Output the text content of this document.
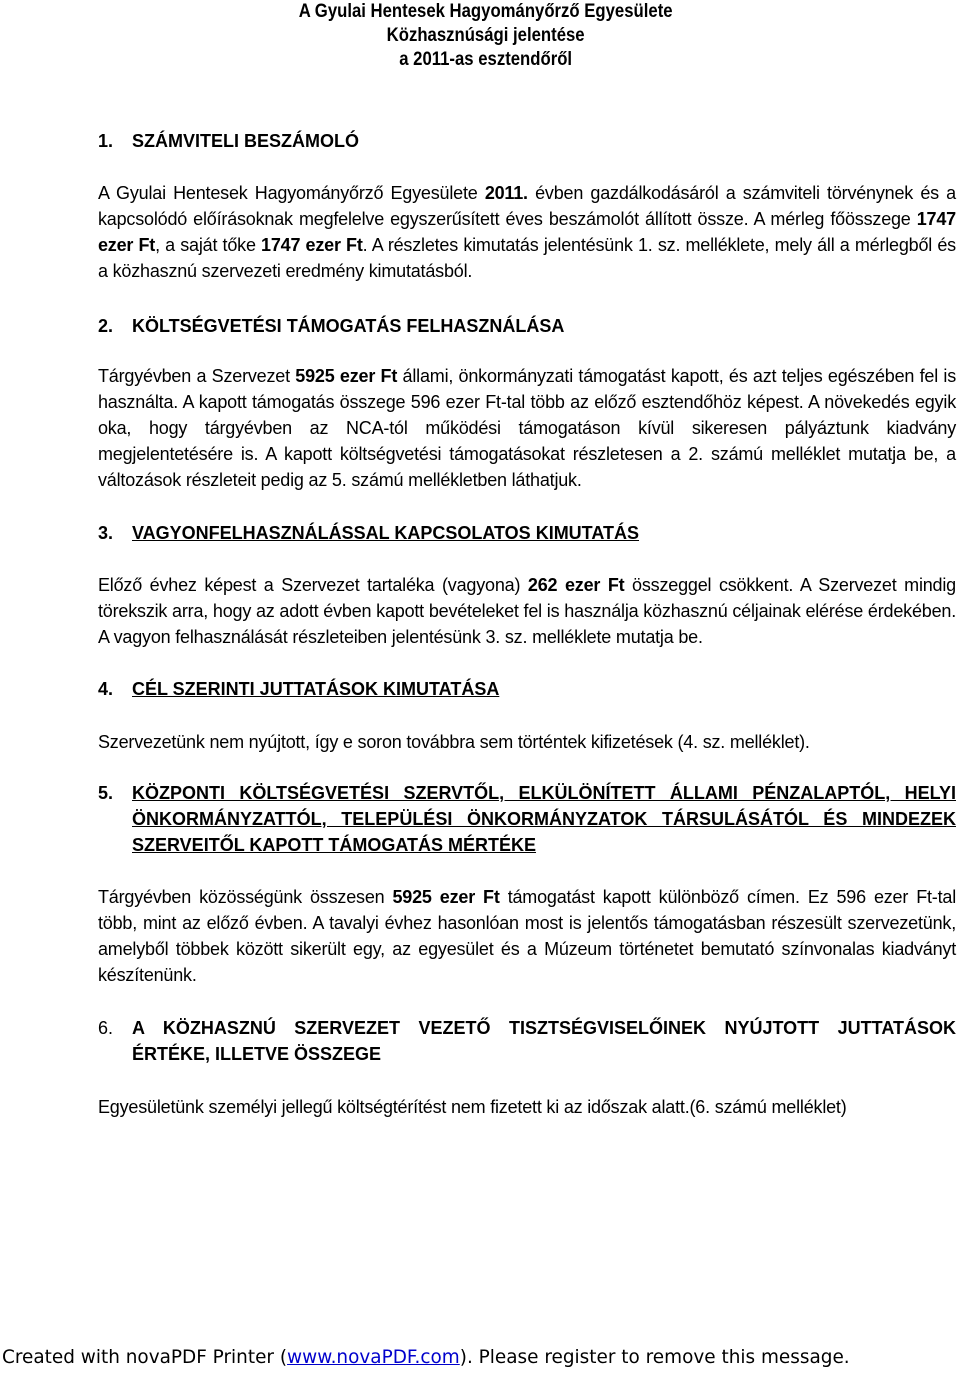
A Gyulai Hentesek Hagyományőrző Egyesülete
Közhasznúsági jelentése
a 2011-as esztendőről
1. SZÁMVITELI BESZÁMOLÓ
A Gyulai Hentesek Hagyományőrző Egyesülete 2011. évben gazdálkodásáról a számviteli törvénynek és a kapcsolódó előírásoknak megfelelve egyszerűsített éves beszámolót állított össze. A mérleg főösszege 1747 ezer Ft, a saját tőke 1747 ezer Ft. A részletes kimutatás jelentésünk 1. sz. melléklete, mely áll a mérlegből és a közhasznú szervezeti eredmény kimutatásból.
2. KÖLTSÉGVETÉSI TÁMOGATÁS FELHASZNÁLÁSA
Tárgyévben a Szervezet 5925 ezer Ft állami, önkormányzati támogatást kapott, és azt teljes egészében fel is használta. A kapott támogatás összege 596 ezer Ft-tal több az előző esztendőhöz képest. A növekedés egyik oka, hogy tárgyévben az NCA-tól működési támogatáson kívül sikeresen pályáztunk kiadvány megjelentetésére is. A kapott költségvetési támogatásokat részletesen a 2. számú melléklet mutatja be, a változások részleteit pedig az 5. számú mellékletben láthatjuk.
3. VAGYONFELHASZNÁLÁSSAL KAPCSOLATOS KIMUTATÁS
Előző évhez képest a Szervezet tartaléka (vagyona) 262 ezer Ft összeggel csökkent. A Szervezet mindig törekszik arra, hogy az adott évben kapott bevételeket fel is használja közhasznú céljainak elérése érdekében. A vagyon felhasználását részleteiben jelentésünk 3. sz. melléklete mutatja be.
4. CÉL SZERINTI JUTTATÁSOK KIMUTATÁSA
Szervezetünk nem nyújtott, így e soron továbbra sem történtek kifizetések (4. sz. melléklet).
5. KÖZPONTI KÖLTSÉGVETÉSI SZERVTŐL, ELKÜLÖNÍTETT ÁLLAMI PÉNZALAPTÓL, HELYI ÖNKORMÁNYZATTÓL, TELEPÜLÉSI ÖNKORMÁNYZATOK TÁRSULÁSÁTÓL ÉS MINDEZEK SZERVEITŐL KAPOTT TÁMOGATÁS MÉRTÉKE
Tárgyévben közösségünk összesen 5925 ezer Ft támogatást kapott különböző címen. Ez 596 ezer Ft-tal több, mint az előző évben. A tavalyi évhez hasonlóan most is jelentős támogatásban részesült szervezetünk, amelyből többek között sikerült egy, az egyesület és a Múzeum történetet bemutató színvonalas kiadványt készítenünk.
6. A KÖZHASZNÚ SZERVEZET VEZETŐ TISZTSÉGVISELŐINEK NYÚJTOTT JUTTATÁSOK ÉRTÉKE, ILLETVE ÖSSZEGE
Egyesületünk személyi jellegű költségtérítést nem fizetett ki az időszak alatt.(6. számú melléklet)
Created with novaPDF Printer (www.novaPDF.com). Please register to remove this message.
